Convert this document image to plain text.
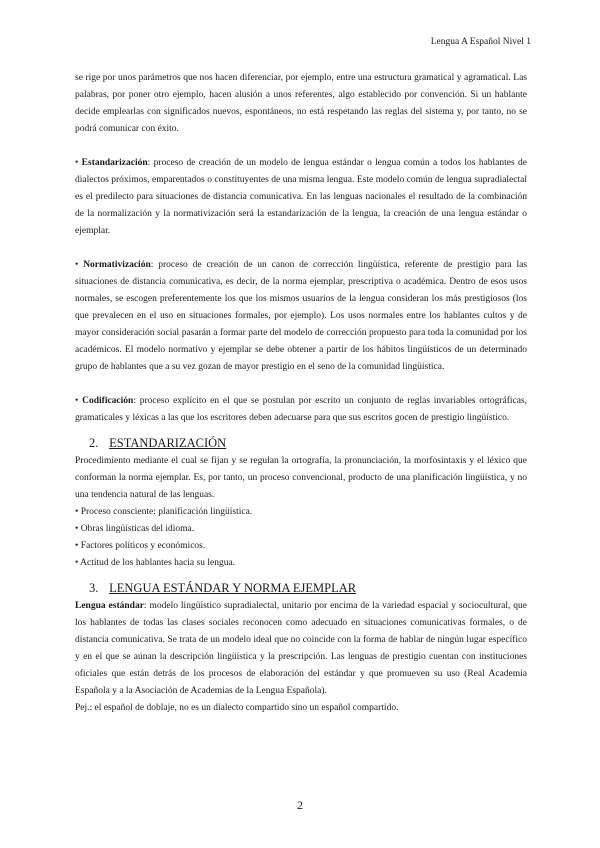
Lengua A Español Nivel 1

se rige por unos parámetros que nos hacen diferenciar, por ejemplo, entre una estructura gramatical y agramatical. Las palabras, por poner otro ejemplo, hacen alusión a unos referentes, algo establecido por convención. Si un hablante decide emplearlas con significados nuevos, espontáneos, no está respetando las reglas del sistema y, por tanto, no se podrá comunicar con éxito.

• Estandarización: proceso de creación de un modelo de lengua estándar o lengua común a todos los hablantes de dialectos próximos, emparentados o constituyentes de una misma lengua. Este modelo común de lengua supradialectal es el predilecto para situaciones de distancia comunicativa. En las lenguas nacionales el resultado de la combinación de la normalización y la normativización será la estandarización de la lengua, la creación de una lengua estándar o ejemplar.

• Normativización: proceso de creación de un canon de corrección lingüística, referente de prestigio para las situaciones de distancia comunicativa, es decir, de la norma ejemplar, prescriptiva o académica. Dentro de esos usos normales, se escogen preferentemente los que los mismos usuarios de la lengua consideran los más prestigiosos (los que prevalecen en el uso en situaciones formales, por ejemplo). Los usos normales entre los hablantes cultos y de mayor consideración social pasarán a formar parte del modelo de corrección propuesto para toda la comunidad por los académicos. El modelo normativo y ejemplar se debe obtener a partir de los hábitos lingüísticos de un determinado grupo de hablantes que a su vez gozan de mayor prestigio en el seno de la comunidad lingüística.

• Codificación: proceso explícito en el que se postulan por escrito un conjunto de reglas invariables ortográficas, gramaticales y léxicas a las que los escritores deben adecuarse para que sus escritos gocen de prestigio lingüístico.

2. ESTANDARIZACIÓN

Procedimiento mediante el cual se fijan y se regulan la ortografía, la pronunciación, la morfosintaxis y el léxico que conforman la norma ejemplar. Es, por tanto, un proceso convencional, producto de una planificación lingüística, y no una tendencia natural de las lenguas.

• Proceso consciente: planificación lingüística.
• Obras lingüísticas del idioma.
• Factores políticos y económicos.
• Actitud de los hablantes hacia su lengua.
3. LENGUA ESTÁNDAR Y NORMA EJEMPLAR

Lengua estándar: modelo lingüístico supradialectal, unitario por encima de la variedad espacial y sociocultural, que los hablantes de todas las clases sociales reconocen como adecuado en situaciones comunicativas formales, o de distancia comunicativa. Se trata de un modelo ideal que no coincide con la forma de hablar de ningún lugar específico y en el que se aúnan la descripción lingüística y la prescripción. Las lenguas de prestigio cuentan con instituciones oficiales que están detrás de los procesos de elaboración del estándar y que promueven su uso (Real Academia Española y a la Asociación de Academias de la Lengua Española).

Pej.: el español de doblaje, no es un dialecto compartido sino un español compartido.

2
